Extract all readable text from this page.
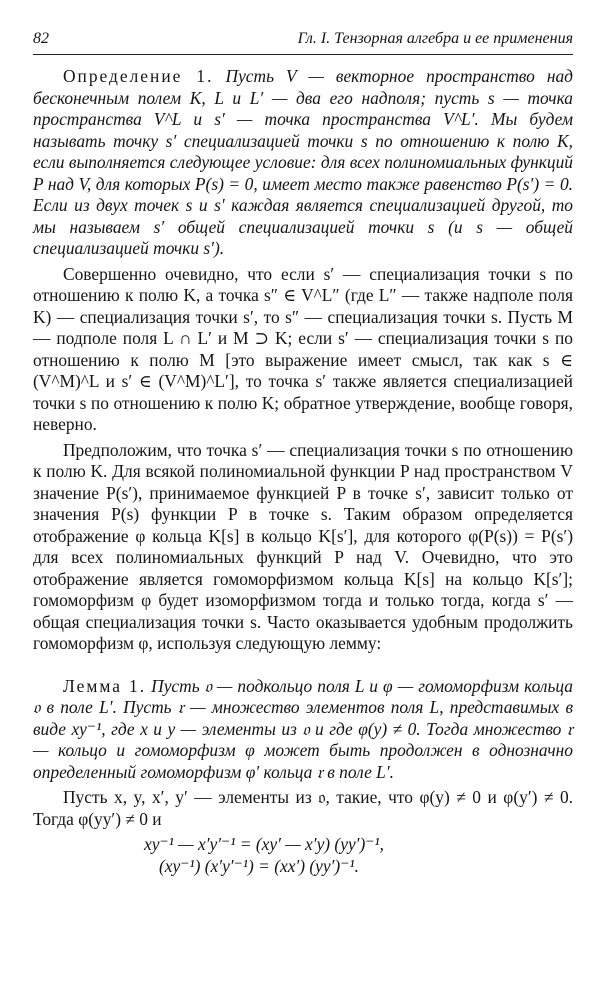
82	Гл. I. Тензорная алгебра и ее применения

Определение 1. Пусть V — векторное пространство над бесконечным полем K, L и L′ — два его надполя; пусть s — точка пространства V^L и s′ — точка пространства V^L′. Мы будем называть точку s′ специализацией точки s по отношению к полю K, если выполняется следующее условие: для всех полиномиальных функций P над V, для которых P(s) = 0, имеет место также равенство P(s′) = 0. Если из двух точек s и s′ каждая является специализацией другой, то мы называем s′ общей специализацией точки s (и s — общей специализацией точки s′).

Совершенно очевидно, что если s′ — специализация точки s по отношению к полю K, а точка s″ ∈ V^L″ (где L″ — также надполе поля K) — специализация точки s′, то s″ — специализация точки s. Пусть M — подполе поля L ∩ L′ и M ⊃ K; если s′ — специализация точки s по отношению к полю M [это выражение имеет смысл, так как s ∈ (V^M)^L и s′ ∈ (V^M)^L′], то точка s′ также является специализацией точки s по отношению к полю K; обратное утверждение, вообще говоря, неверно.

Предположим, что точка s′ — специализация точки s по отношению к полю K. Для всякой полиномиальной функции P над пространством V значение P(s′), принимаемое функцией P в точке s′, зависит только от значения P(s) функции P в точке s. Таким образом определяется отображение φ кольца K[s] в кольцо K[s′], для которого φ(P(s)) = P(s′) для всех полиномиальных функций P над V. Очевидно, что это отображение является гомоморфизмом кольца K[s] на кольцо K[s′]; гомоморфизм φ будет изоморфизмом тогда и только тогда, когда s′ — общая специализация точки s. Часто оказывается удобным продолжить гомоморфизм φ, используя следующую лемму:

Лемма 1. Пусть 𝔬 — подкольцо поля L и φ — гомоморфизм кольца 𝔬 в поле L′. Пусть 𝔯 — множество элементов поля L, представимых в виде xy⁻¹, где x и y — элементы из 𝔬 и где φ(y) ≠ 0. Тогда множество 𝔯 — кольцо и гомоморфизм φ может быть продолжен в однозначно определенный гомоморфизм φ′ кольца 𝔯 в поле L′.

Пусть x, y, x′, y′ — элементы из 𝔬, такие, что φ(y) ≠ 0 и φ(y′) ≠ 0. Тогда φ(yy′) ≠ 0 и

xy⁻¹ — x′y′⁻¹ = (xy′ — x′y) (yy′)⁻¹,
(xy⁻¹) (x′y′⁻¹) = (xx′) (yy′)⁻¹.
